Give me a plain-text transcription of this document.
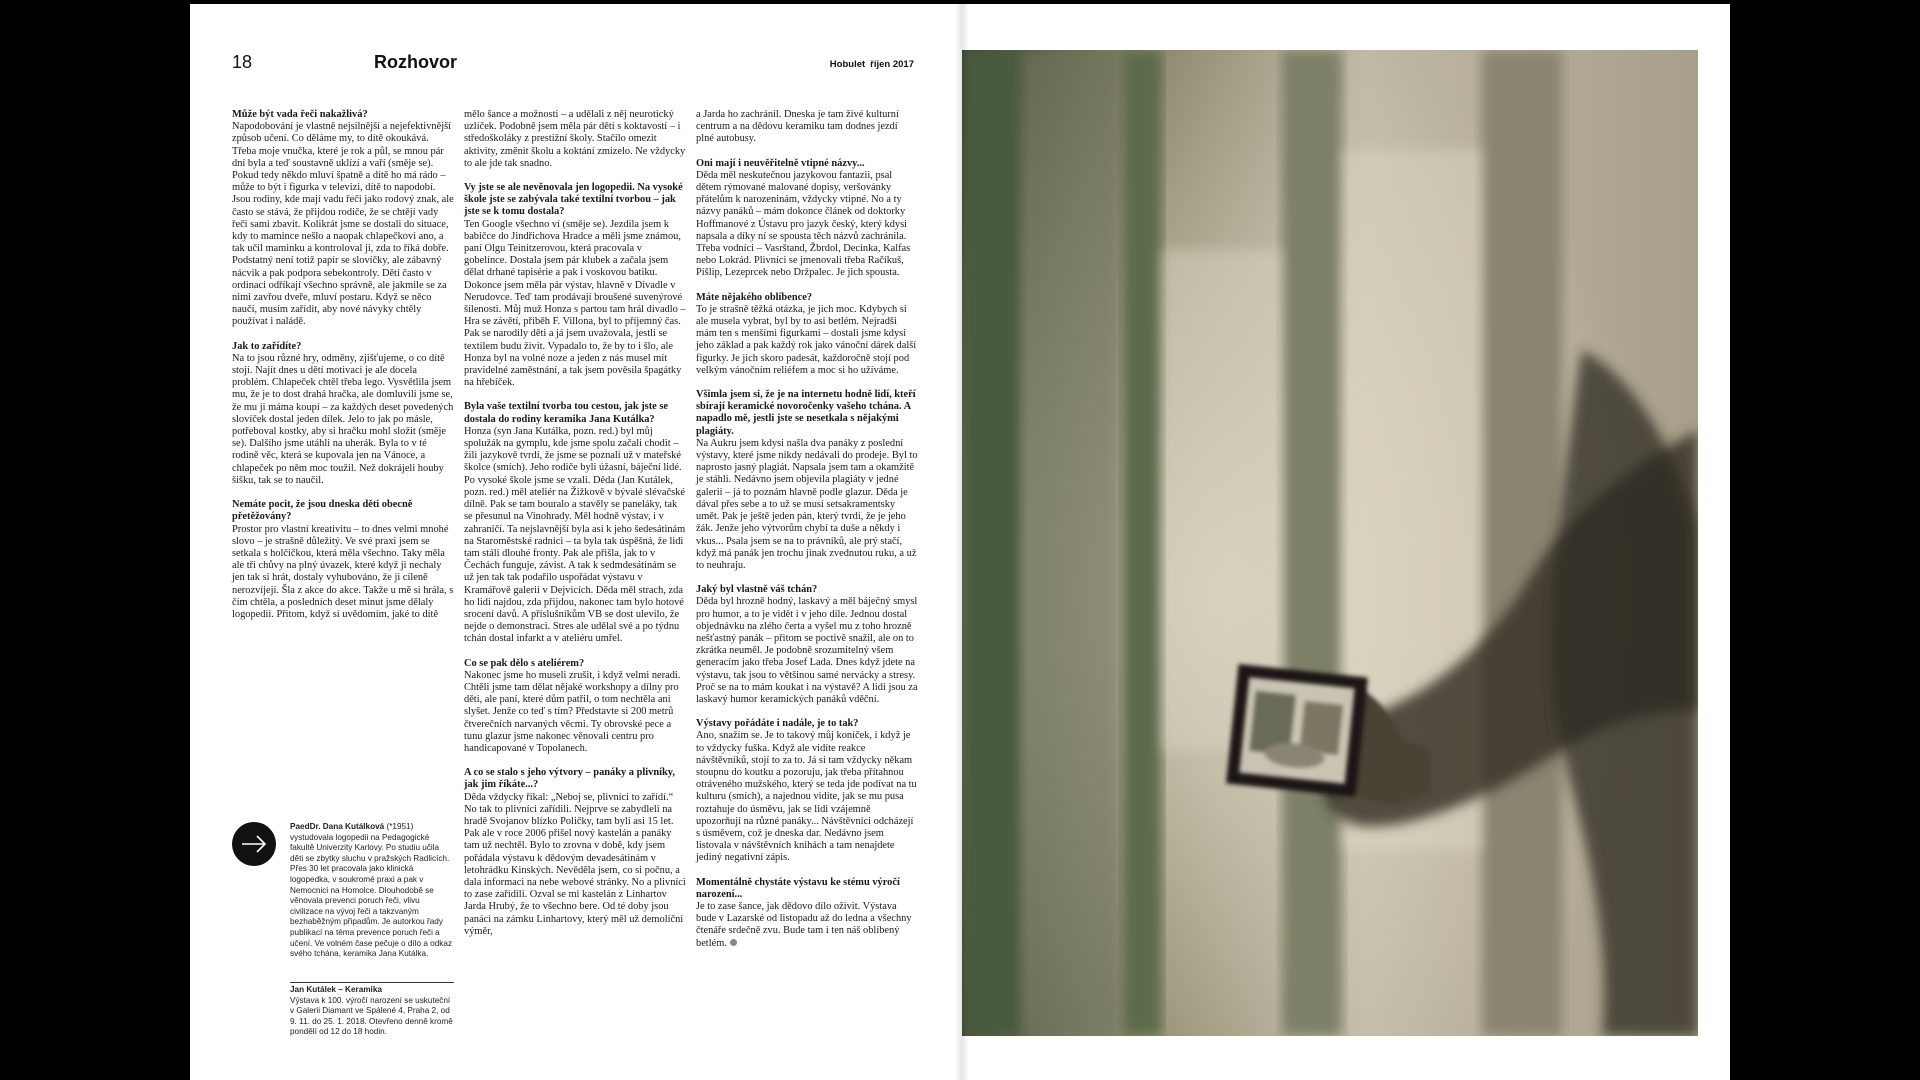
18	Rozhovor	Hobulet říjen 2017
Může být vada řeči nakažlivá?
Napodobování je vlastně nejsilnější a nejefektivnější způsob učení. Co děláme my, to dítě okoukává. Třeba moje vnučka, které je rok a půl, se mnou pár dní byla a teď soustavně uklízí a vaří (směje se). Pokud tedy někdo mluví špatně a dítě ho má rádo – může to být i figurka v televizi, dítě to napodobí. Jsou rodiny, kde mají vadu řeči jako rodový znak, ale často se stává, že přijdou rodiče, že se chtějí vady řeči sami zbavit. Kolikrát jsme se dostali do situace, kdy to mamince nešlo a naopak chlapečkovi ano, a tak učil maminku a kontroloval ji, zda to říká dobře. Podstatný není totiž papír se slovíčky, ale zábavný nácvik a pak podpora sebekontroly. Děti často v ordinaci odříkají všechno správně, ale jakmile se za nimi zavřou dveře, mluví postaru. Když se něco naučí, musím zařídit, aby nové návyky chtěly používat i naládě.
Jak to zařídíte?
Na to jsou různé hry, odměny, zjišťujeme, o co dítě stojí. Najít dnes u dětí motivaci je ale docela problém. Chlapeček chtěl třeba lego. Vysvětlila jsem mu, že je to dost drahá hračka, ale domluvili jsme se, že mu ji máma koupí – za každých deset povedených slovíček dostal jeden dílek. Jelo to jak po másle, potřeboval kostky, aby si hračku mohl složit (směje se). Dalšího jsme utáhli na uherák. Byla to v té rodině věc, která se kupovala jen na Vánoce, a chlapeček po něm moc toužil. Než dokrájeli houby šišku, tak se to naučil.
Nemáte pocit, že jsou dneska děti obecně přetěžovány?
Prostor pro vlastní kreativitu – to dnes velmi mnohé slovo – je strašně důležitý. Ve své praxi jsem se setkala s holčičkou, která měla všechno. Taky měla ale tři chůvy na plný úvazek, které když ji nechaly jen tak si hrát, dostaly vyhubováno, že ji cíleně nerozvíjejí. Šla z akce do akce. Takže u mě si hrála, s čím chtěla, a posledních deset minut jsme dělaly logopedii. Přitom, když si uvědomím, jaké to dítě
mělo šance a možnosti – a udělali z něj neurotický uzlíček. Podobně jsem měla pár dětí s koktavostí – i středoškoláky z prestižní školy. Stačilo omezit aktivity, změnit školu a koktání zmizelo. Ne vždycky to ale jde tak snadno.
Vy jste se ale nevěnovala jen logopedii. Na vysoké škole jste se zabývala také textilní tvorbou – jak jste se k tomu dostala?
Ten Google všechno ví (směje se). Jezdila jsem k babičce do Jindřichova Hradce a měli jsme známou, paní Olgu Teinitzerovou, která pracovala v gobelínce. Dostala jsem pár klubek a začala jsem dělat drhané tapisérie a pak i voskovou batiku. Dokonce jsem měla pár výstav, hlavně v Divadle v Nerudovce. Teď tam prodávají broušené suvenýrové šílenosti. Můj muž Honza s partou tam hrál divadlo – Hra se závětí, příběh F. Villona, byl to příjemný čas. Pak se narodily děti a já jsem uvažovala, jestli se textilem budu živit. Vypadalo to, že by to i šlo, ale Honza byl na volné noze a jeden z nás musel mít pravidelné zaměstnání, a tak jsem pověsila špagátky na hřebíček.
Byla vaše textilní tvorba tou cestou, jak jste se dostala do rodiny keramika Jana Kutálka?
Honza (syn Jana Kutálka, pozn. red.) byl můj spolužák na gymplu, kde jsme spolu začali chodit – žili jazykově tvrdí, že jsme se poznali už v mateřské školce (smích). Jeho rodiče byli úžasní, báječní lidé. Po vysoké škole jsme se vzali. Děda (Jan Kutálek, pozn. red.) měl ateliér na Žižkově v bývalé slévačské dílně. Pak se tam bouralo a stavěly se paneláky, tak se přesunul na Vinohrady. Měl hodně výstav, i v zahraničí. Ta nejslavnější byla asi k jeho šedesátinám na Staroměstské radnici – ta byla tak úspěšná, že lidi tam stáli dlouhé fronty. Pak ale přišla, jak to v Čechách funguje, závist. A tak k sedmdesátinám se už jen tak tak podařilo uspořádat výstavu v Kramářově galerii v Dejvicích. Děda měl strach, zda ho lidi najdou, zda přijdou, nakonec tam bylo hotové srocení davů. A příslušníkům VB se dost ulevilo, že nejde o demonstraci. Stres ale udělal své a po týdnu tchán dostal infarkt a v ateliéru umřel.
Co se pak dělo s ateliérem?
Nakonec jsme ho museli zrušit, i když velmi neradi. Chtěli jsme tam dělat nějaké workshopy a dílny pro děti, ale paní, které dům patřil, o tom nechtěla ani slyšet. Jenže co teď s tím? Představte si 200 metrů čtverečních narvaných věcmi. Ty obrovské pece a tunu glazur jsme nakonec věnovali centru pro handicapované v Topolanech.
A co se stalo s jeho výtvory – panáky a plivníky, jak jim říkáte...?
Děda vždycky říkal: „Neboj se, plivníci to zařídí.“ No tak to plivníci zařídili. Nejprve se zabydleli na hradě Svojanov blízko Poličky, tam byli asi 15 let. Pak ale v roce 2006 přišel nový kastelán a panáky tam už nechtěl. Bylo to zrovna v době, kdy jsem pořádala výstavu k dědovým devadesátinám v letohrádku Kinských. Nevěděla jsem, co si počnu, a dala informaci na nebe webové stránky. No a plivníci to zase zařídili. Ozval se mi kastelán z Linhartov Jarda Hrubý, že to všechno bere. Od té doby jsou panáci na zámku Linhartovy, který měl už demoliční výměr,
a Jarda ho zachránil. Dneska je tam živé kulturní centrum a na dědovu keramiku tam dodnes jezdí plné autobusy.
Oni mají i neuvěřitelně vtipné názvy...
Děda měl neskutečnou jazykovou fantazii, psal dětem rýmované malované dopisy, veršovánky přátelům k narozeninám, vždycky vtipné. No a ty názvy panáků – mám dokonce článek od doktorky Hoffmanové z Ústavu pro jazyk český, který kdysi napsala a díky ní se spousta těch názvů zachránila. Třeba vodníci – Vasrštand, Žbrdol, Decinka, Kalfas nebo Lokrád. Plivníci se jmenovali třeba Račíkuš, Pišlip, Lezeprcek nebo Držpalec. Je jich spousta.
Máte nějakého oblíbence?
To je strašně těžká otázka, je jich moc. Kdybych si ale musela vybrat, byl by to asi betlém. Nejradši mám ten s menšími figurkami – dostali jsme kdysi jeho základ a pak každý rok jako vánoční dárek další figurky. Je jich skoro padesát, každoročně stojí pod velkým vánočním reliéfem a moc si ho užíváme.
Všimla jsem si, že je na internetu hodně lidí, kteří sbírají keramické novoročenky vašeho tchána. A napadlo mě, jestli jste se nesetkala s nějakými plagiáty.
Na Aukru jsem kdysi našla dva panáky z poslední výstavy, které jsme nikdy nedávali do prodeje. Byl to naprosto jasný plagiát. Napsala jsem tam a okamžitě je stáhli. Nedávno jsem objevila plagiáty v jedné galerii – já to poznám hlavně podle glazur. Děda je dával přes sebe a to už se musí setsakramentsky umět. Pak je ještě jeden pán, který tvrdí, že je jeho žák. Jenže jeho výtvorům chybí ta duše a někdy i vkus... Psala jsem se na to právníků, ale prý stačí, když má panák jen trochu jinak zvednutou ruku, a už to neuhraju.
Jaký byl vlastně váš tchán?
Děda byl hrozně hodný, laskavý a měl báječný smysl pro humor, a to je vidět i v jeho díle. Jednou dostal objednávku na zlého čerta a vyšel mu z toho hrozně nešťastný panák – přitom se poctivě snažil, ale on to zkrátka neuměl. Je podobně srozumitelný všem generacím jako třeba Josef Lada. Dnes když jdete na výstavu, tak jsou to většinou samé nervácky a stresy. Proč se na to mám koukat i na výstavě? A lidi jsou za laskavý humor keramických panáků vděční.
Výstavy pořádáte i nadále, je to tak?
Ano, snažím se. Je to takový můj koníček, i když je to vždycky fuška. Když ale vidíte reakce návštěvníků, stojí to za to. Já si tam vždycky někam stoupnu do koutku a pozoruju, jak třeba přítahnou otráveného mužského, který se teda jde podívat na tu kulturu (smích), a najednou vidíte, jak se mu pusa roztahuje do úsměvu, jak se lidi vzájemně upozorňují na různé panáky... Návštěvníci odcházejí s úsměvem, což je dneska dar. Nedávno jsem listovala v návštěvních knihách a tam nenajdete jediný negativní zápis.
Momentálně chystáte výstavu ke stému výročí narození...
Je to zase šance, jak dědovo dílo oživit. Výstava bude v Lazarské od listopadu až do ledna a všechny čtenáře srdečně zvu. Bude tam i ten náš oblíbený betlém.
PaedDr. Dana Kutálková (*1951) vystudovala logopedii na Pedagogické fakultě Univerzity Karlovy. Po studiu učila děti se zbytky sluchu v pražských Radlicích. Přes 30 let pracovala jako klinická logopedka, v soukromé praxi a pak v Nemocnici na Homolce. Dlouhodobě se věnovala prevenci poruch řeči, vlivu civilizace na vývoj řeči a takzvaným bezhaběžným připadům. Je autorkou řady publikací na téma prevence poruch řeči a učení. Ve volném čase pečuje o dílo a odkaz svého tchána, keramika Jana Kutálka.
Jan Kutálek – Keramika
Výstava k 100. výročí narození se uskuteční v Galerii Diamant ve Spálené 4, Praha 2, od 9. 11. do 25. 1. 2018. Otevřeno denně kromě pondělí od 12 do 18 hodin.
